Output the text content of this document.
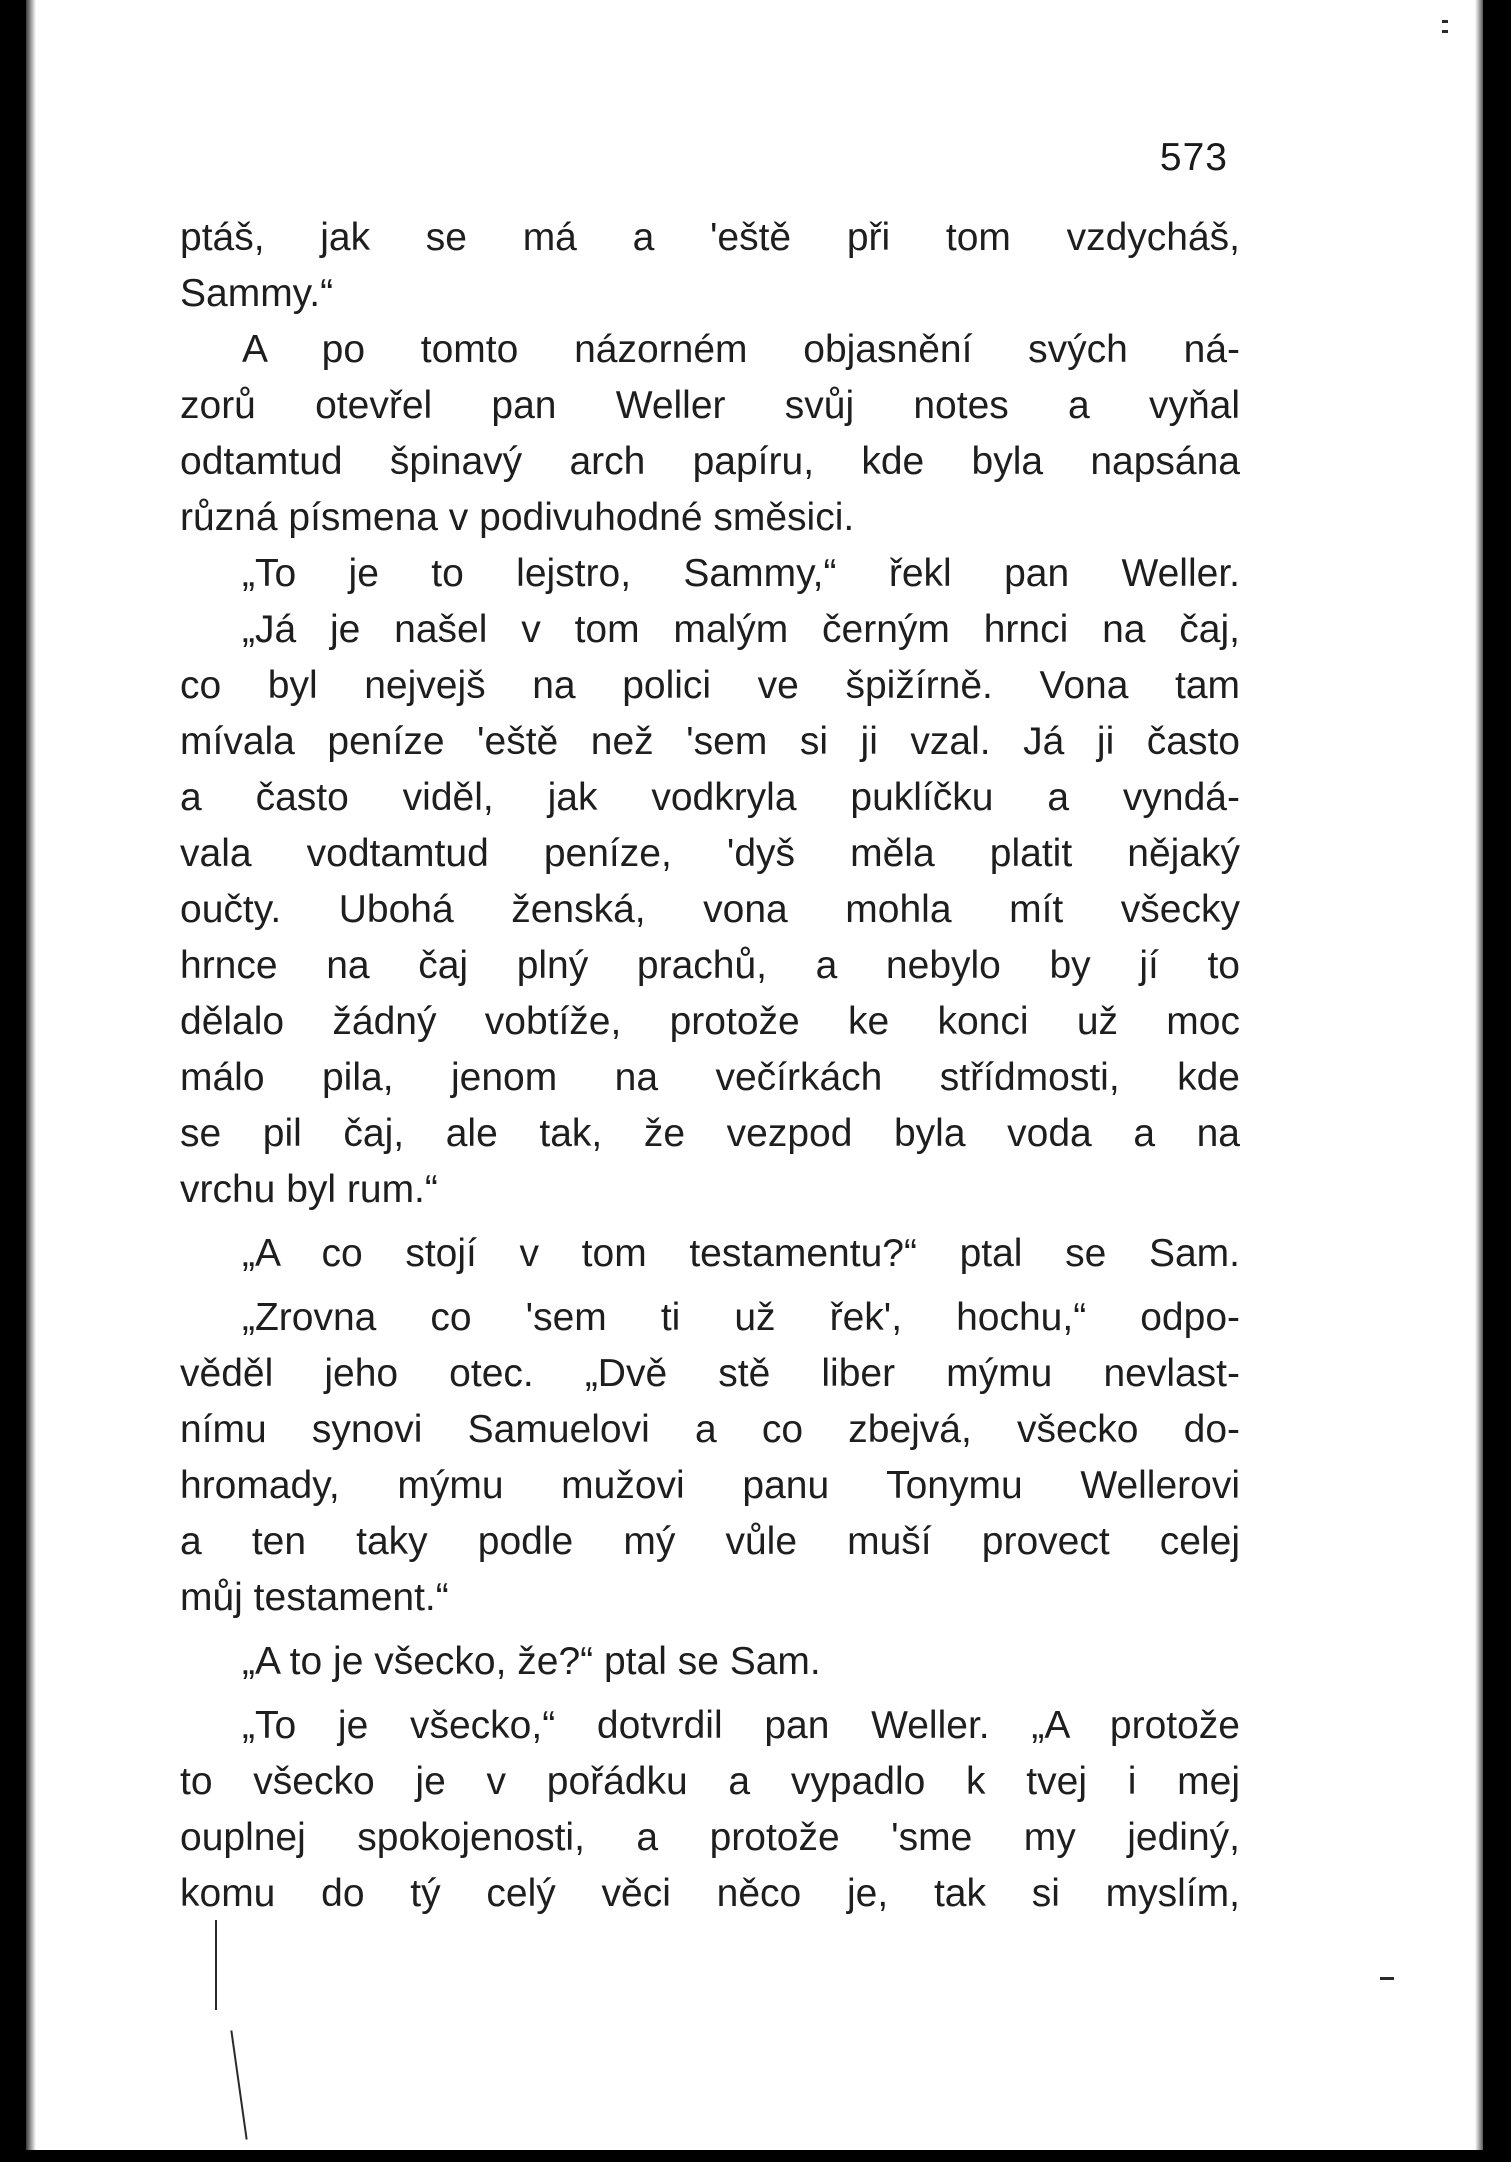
573
ptáš, jak se má a 'eště při tom vzdycháš,
Sammy.“
A po tomto názorném objasnění svých ná-
zorů otevřel pan Weller svůj notes a vyňal
odtamtud špinavý arch papíru, kde byla napsána
různá písmena v podivuhodné směsici.
„To je to lejstro, Sammy,“ řekl pan Weller.
„Já je našel v tom malým černým hrnci na čaj,
co byl nejvejš na polici ve špižírně. Vona tam
mívala peníze 'eště než 'sem si ji vzal. Já ji často
a často viděl, jak vodkryla puklíčku a vyndá-
vala vodtamtud peníze, 'dyš měla platit nějaký
oučty. Ubohá ženská, vona mohla mít všecky
hrnce na čaj plný prachů, a nebylo by jí to
dělalo žádný vobtíže, protože ke konci už moc
málo pila, jenom na večírkách střídmosti, kde
se pil čaj, ale tak, že vezpod byla voda a na
vrchu byl rum.“
„A co stojí v tom testamentu?“ ptal se Sam.
„Zrovna co 'sem ti už řek', hochu,“ odpo-
věděl jeho otec. „Dvě stě liber mýmu nevlast-
nímu synovi Samuelovi a co zbejvá, všecko do-
hromady, mýmu mužovi panu Tonymu Wellerovi
a ten taky podle mý vůle muší provect celej
můj testament.“
„A to je všecko, že?“ ptal se Sam.
„To je všecko,“ dotvrdil pan Weller. „A protože
to všecko je v pořádku a vypadlo k tvej i mej
ouplnej spokojenosti, a protože 'sme my jediný,
komu do tý celý věci něco je, tak si myslím,
